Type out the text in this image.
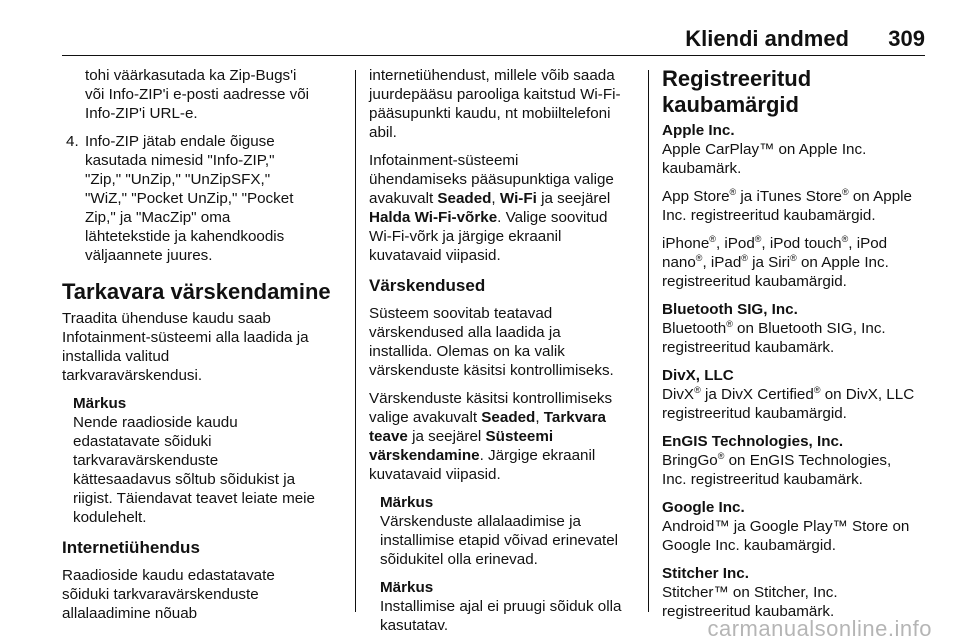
Kliendi andmed 309

tohi väärkasutada ka Zip-Bugs'i
või Info-ZIP'i e-posti aadresse või
Info-ZIP'i URL-e.

4. Info-ZIP jätab endale õiguse
kasutada nimesid "Info-ZIP,"
"Zip," "UnZip," "UnZipSFX,"
"WiZ," "Pocket UnZip," "Pocket
Zip," ja "MacZip" oma
lähtetekstide ja kahendkoodis
väljaannete juures.
Tarkavara värskendamine

Traadita ühenduse kaudu saab
Infotainment-süsteemi alla laadida ja
installida valitud
tarkvaravärskendusi.

Märkus
Nende raadioside kaudu
edastatavate sõiduki
tarkvaravärskenduste
kättesaadavus sõltub sõidukist ja
riigist. Täiendavat teavet leiate meie
kodulehelt.
Internetiühendus

Raadioside kaudu edastatavate
sõiduki tarkvaravärskenduste
allalaadimine nõuab

internetiühendust, millele võib saada
juurdepääsu parooliga kaitstud Wi-Fi-
pääsupunkti kaudu, nt mobiiltelefoni
abil.

Infotainment-süsteemi
ühendamiseks pääsupunktiga valige
avakuvalt Seaded, Wi-Fi ja seejärel
Halda Wi-Fi-võrke. Valige soovitud
Wi-Fi-võrk ja järgige ekraanil
kuvatavaid viipasid.

Värskendused

Süsteem soovitab teatavad
värskendused alla laadida ja
installida. Olemas on ka valik
värskenduste käsitsi kontrollimiseks.

Värskenduste käsitsi kontrollimiseks
valige avakuvalt Seaded, Tarkvara
teave ja seejärel Süsteemi
värskendamine. Järgige ekraanil
kuvatavaid viipasid.

Märkus
Värskenduste allalaadimise ja
installimise etapid võivad erinevatel
sõidukitel olla erinevad.
Märkus
Installimise ajal ei pruugi sõiduk olla
kasutatav.
Registreeritud kaubamärgid
Apple Inc.

Apple CarPlay™ on Apple Inc.
kaubamärk.

App Store® ja iTunes Store® on Apple
Inc. registreeritud kaubamärgid.

iPhone®, iPod®, iPod touch®, iPod
nano®, iPad® ja Siri® on Apple Inc.
registreeritud kaubamärgid.

Bluetooth SIG, Inc.

Bluetooth® on Bluetooth SIG, Inc.
registreeritud kaubamärk.

DivX, LLC

DivX® ja DivX Certified® on DivX, LLC
registreeritud kaubamärgid.

EnGIS Technologies, Inc.

BringGo® on EnGIS Technologies,
Inc. registreeritud kaubamärk.

Google Inc.

Android™ ja Google Play™ Store on
Google Inc. kaubamärgid.

Stitcher Inc.

Stitcher™ on Stitcher, Inc.
registreeritud kaubamärk.

carmanualsonline.info
